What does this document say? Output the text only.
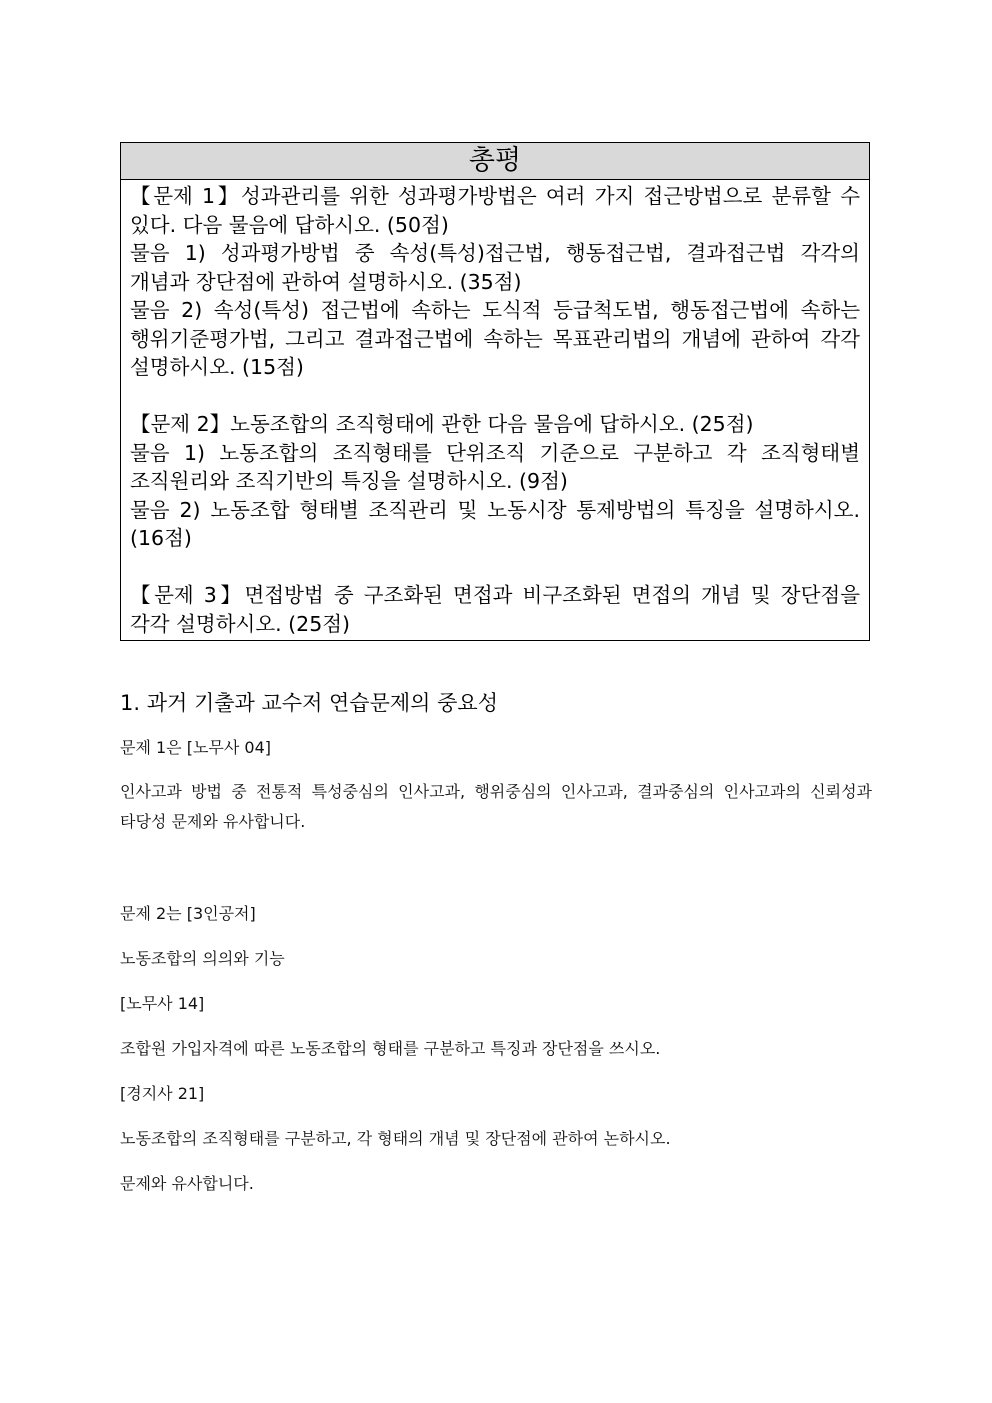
총평

【문제 1】성과관리를 위한 성과평가방법은 여러 가지 접근방법으로 분류할 수 있다. 다음 물음에 답하시오. (50점)

물음 1) 성과평가방법 중 속성(특성)접근법, 행동접근법, 결과접근법 각각의 개념과 장단점에 관하여 설명하시오. (35점)

물음 2) 속성(특성) 접근법에 속하는 도식적 등급척도법, 행동접근법에 속하는 행위기준평가법, 그리고 결과접근법에 속하는 목표관리법의 개념에 관하여 각각 설명하시오. (15점)

【문제 2】노동조합의 조직형태에 관한 다음 물음에 답하시오. (25점)

물음 1) 노동조합의 조직형태를 단위조직 기준으로 구분하고 각 조직형태별 조직원리와 조직기반의 특징을 설명하시오. (9점)

물음 2) 노동조합 형태별 조직관리 및 노동시장 통제방법의 특징을 설명하시오. (16점)

【문제 3】면접방법 중 구조화된 면접과 비구조화된 면접의 개념 및 장단점을 각각 설명하시오. (25점)

1. 과거 기출과 교수저 연습문제의 중요성
문제 1은 [노무사 04]
인사고과 방법 중 전통적 특성중심의 인사고과, 행위중심의 인사고과, 결과중심의 인사고과의 신뢰성과 타당성 문제와 유사합니다.
문제 2는 [3인공저]
노동조합의 의의와 기능
[노무사 14]
조합원 가입자격에 따른 노동조합의 형태를 구분하고 특징과 장단점을 쓰시오.
[경지사 21]
노동조합의 조직형태를 구분하고, 각 형태의 개념 및 장단점에 관하여 논하시오.
문제와 유사합니다.
